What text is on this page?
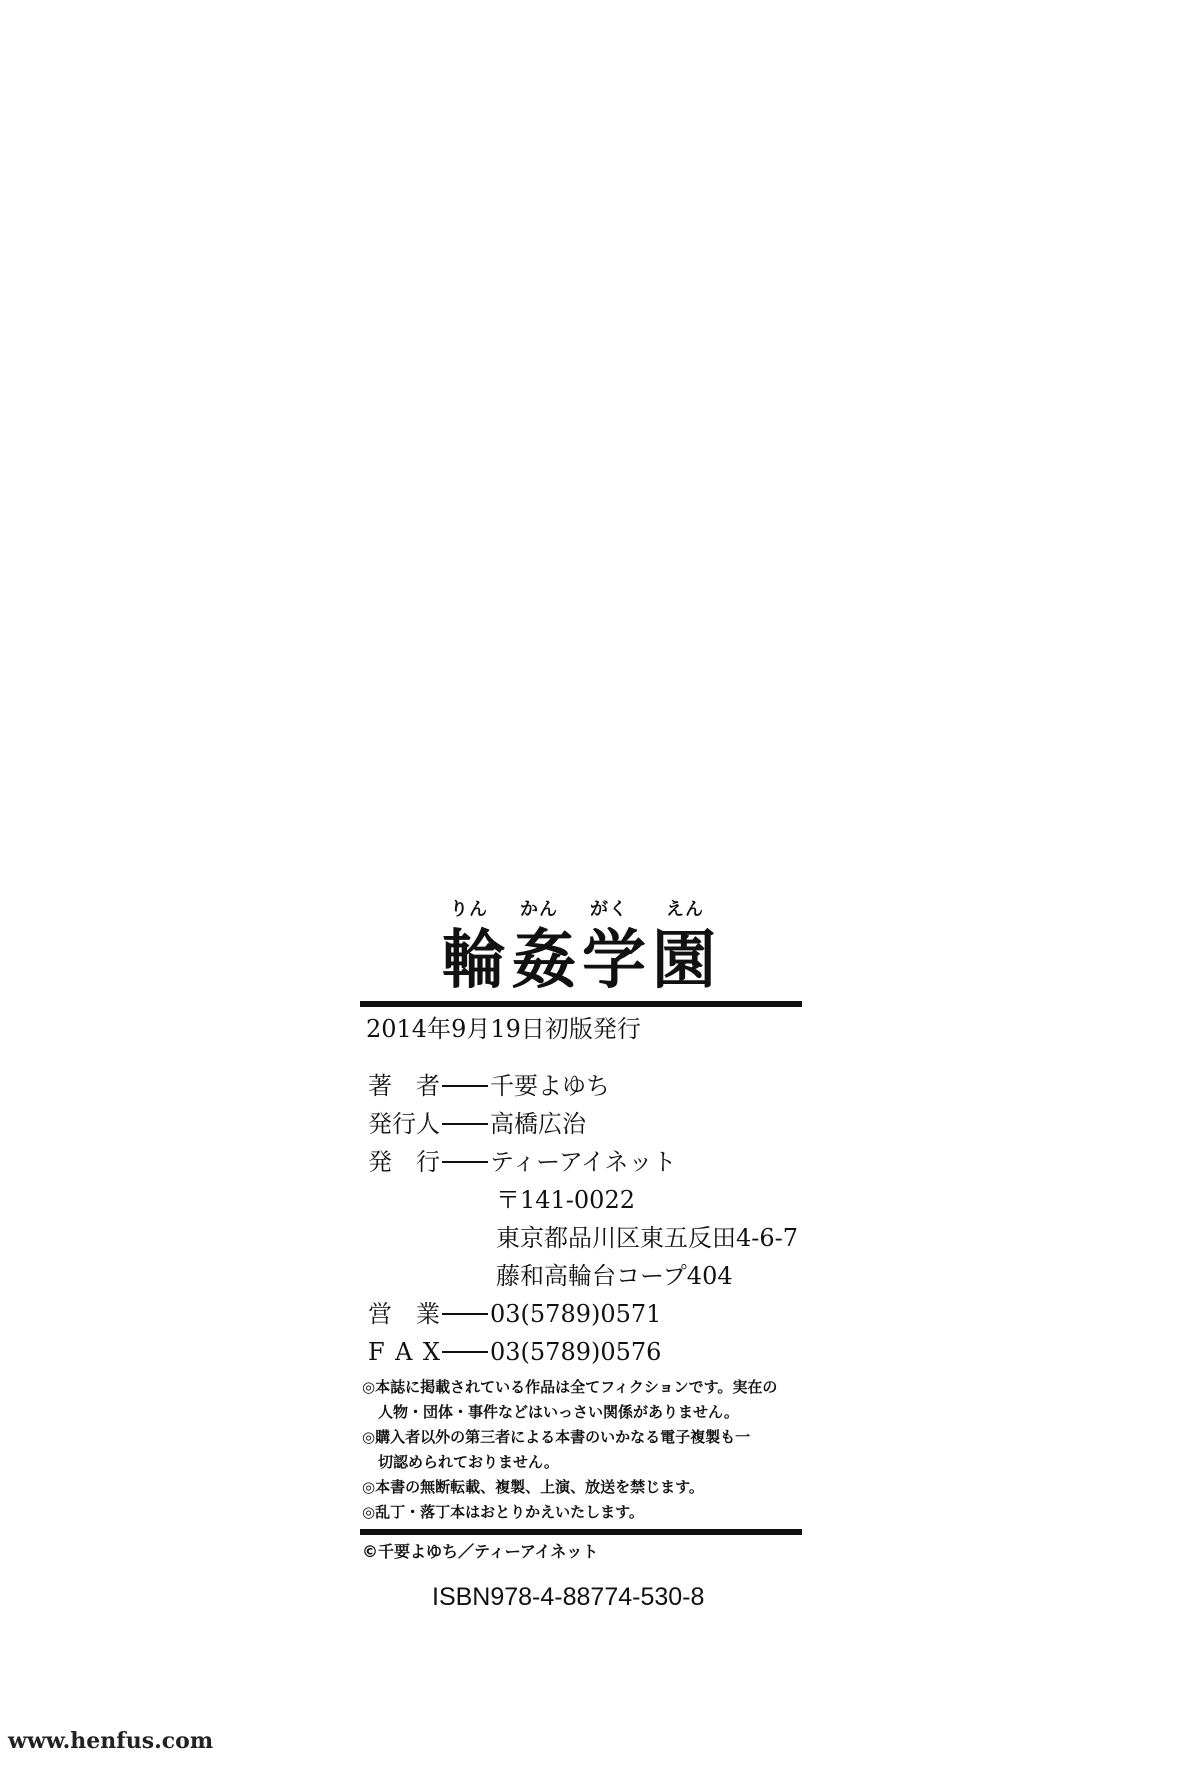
りん かん がく えん
輪姦学園
2014年9月19日初版発行
著 者 千要よゆち
発 行 人 高橋広治
発 行 ティーアイネット
〒141-0022
東京都品川区東五反田4-6-7
藤和高輪台コープ404
営 業 03(5789)0571
F A X 03(5789)0576
◎本誌に掲載されている作品は全てフィクションです。実在の
人物・団体・事件などはいっさい関係がありません。
◎購入者以外の第三者による本書のいかなる電子複製も一
切認められておりません。
◎本書の無断転載、複製、上演、放送を禁じます。
◎乱丁・落丁本はおとりかえいたします。
©千要よゆち／ティーアイネット
ISBN978-4-88774-530-8
www.henfus.com
